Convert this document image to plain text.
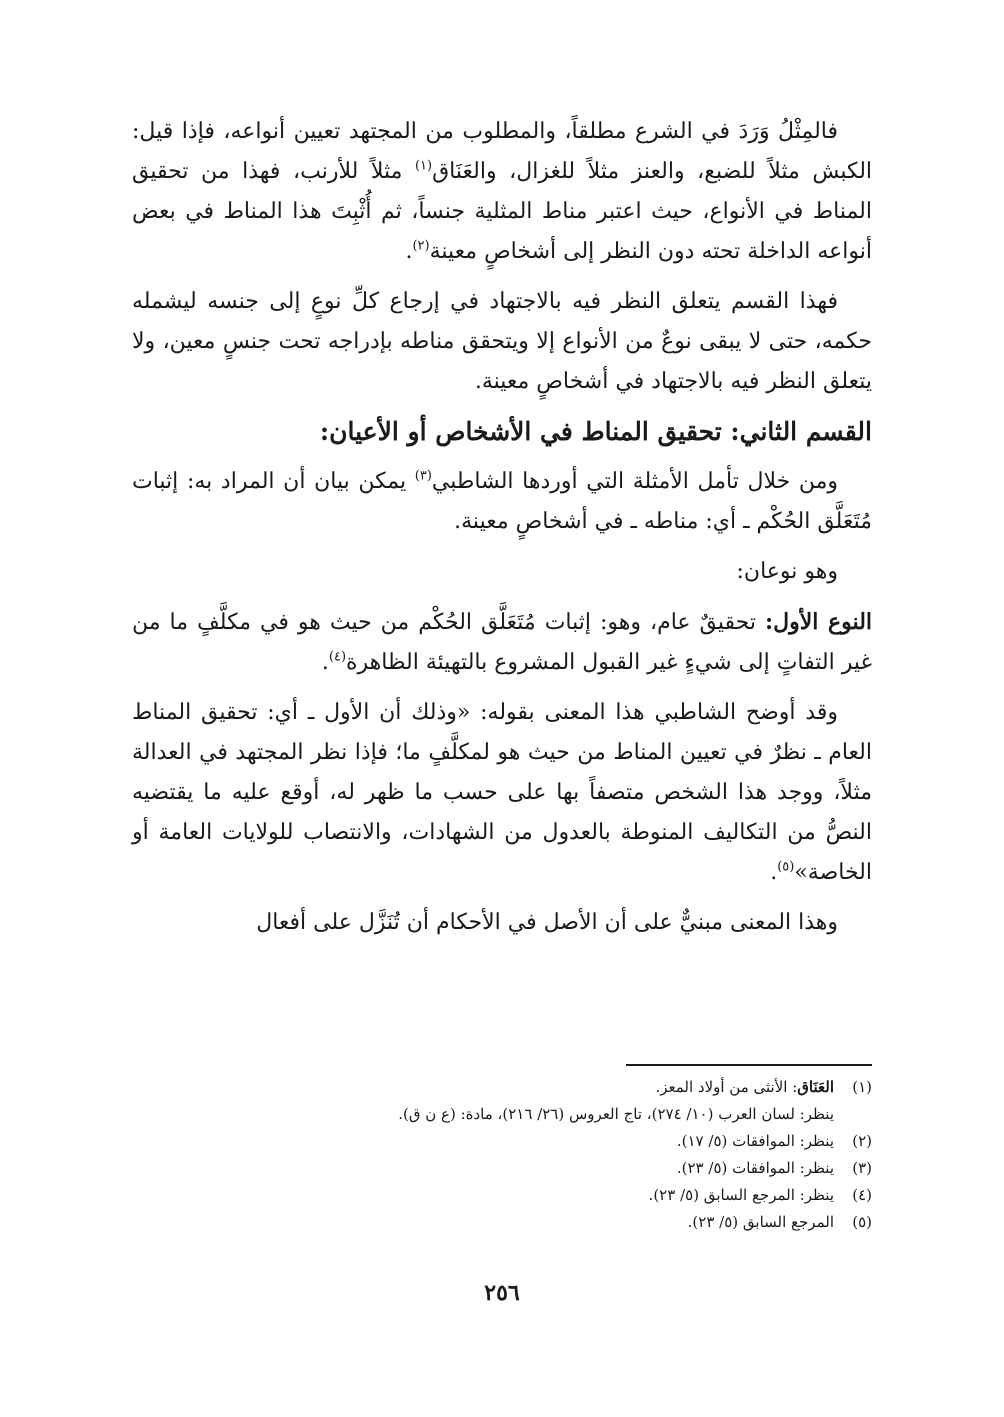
فالمِثْلُ وَرَدَ في الشرع مطلقاً، والمطلوب من المجتهد تعيين أنواعه، فإذا قيل: الكبش مثلاً للضبع، والعنز مثلاً للغزال، والعَنَاق$^{(١)}$ مثلاً للأرنب، فهذا من تحقيق المناط في الأنواع، حيث اعتبر مناط المثلية جنساً، ثم أُثْبِتَ هذا المناط في بعض أنواعه الداخلة تحته دون النظر إلى أشخاصٍ معينة$^{(٢)}$.

فهذا القسم يتعلق النظر فيه بالاجتهاد في إرجاع كلِّ نوعٍ إلى جنسه ليشمله حكمه، حتى لا يبقى نوعٌ من الأنواع إلا ويتحقق مناطه بإدراجه تحت جنسٍ معين، ولا يتعلق النظر فيه بالاجتهاد في أشخاصٍ معينة.

القسم الثاني: تحقيق المناط في الأشخاص أو الأعيان:

ومن خلال تأمل الأمثلة التي أوردها الشاطبي$^{(٣)}$ يمكن بيان أن المراد به: إثبات مُتَعَلَّق الحُكْم ـ أي: مناطه ـ في أشخاصٍ معينة.

وهو نوعان:

النوع الأول: تحقيقٌ عام، وهو: إثبات مُتَعَلَّق الحُكْم من حيث هو في مكلَّفٍ ما من غير التفاتٍ إلى شيءٍ غير القبول المشروع بالتهيئة الظاهرة$^{(٤)}$.

وقد أوضح الشاطبي هذا المعنى بقوله: «وذلك أن الأول ـ أي: تحقيق المناط العام ـ نظرٌ في تعيين المناط من حيث هو لمكلَّفٍ ما؛ فإذا نظر المجتهد في العدالة مثلاً، ووجد هذا الشخص متصفاً بها على حسب ما ظهر له، أوقع عليه ما يقتضيه النصُّ من التكاليف المنوطة بالعدول من الشهادات، والانتصاب للولايات العامة أو الخاصة»$^{(٥)}$.

وهذا المعنى مبنيٌّ على أن الأصل في الأحكام أن تُنَزَّل على أفعال

(١)
العَنَاق: الأنثى من أولاد المعز.
ينظر: لسان العرب (١٠/ ٢٧٤)، تاج العروس (٢٦/ ٢١٦)، مادة: (ع ن ق).
(٢)
ينظر: الموافقات (٥/ ١٧).
(٣)
ينظر: الموافقات (٥/ ٢٣).
(٤)
ينظر: المرجع السابق (٥/ ٢٣).
(٥)
المرجع السابق (٥/ ٢٣).
٢٥٦
